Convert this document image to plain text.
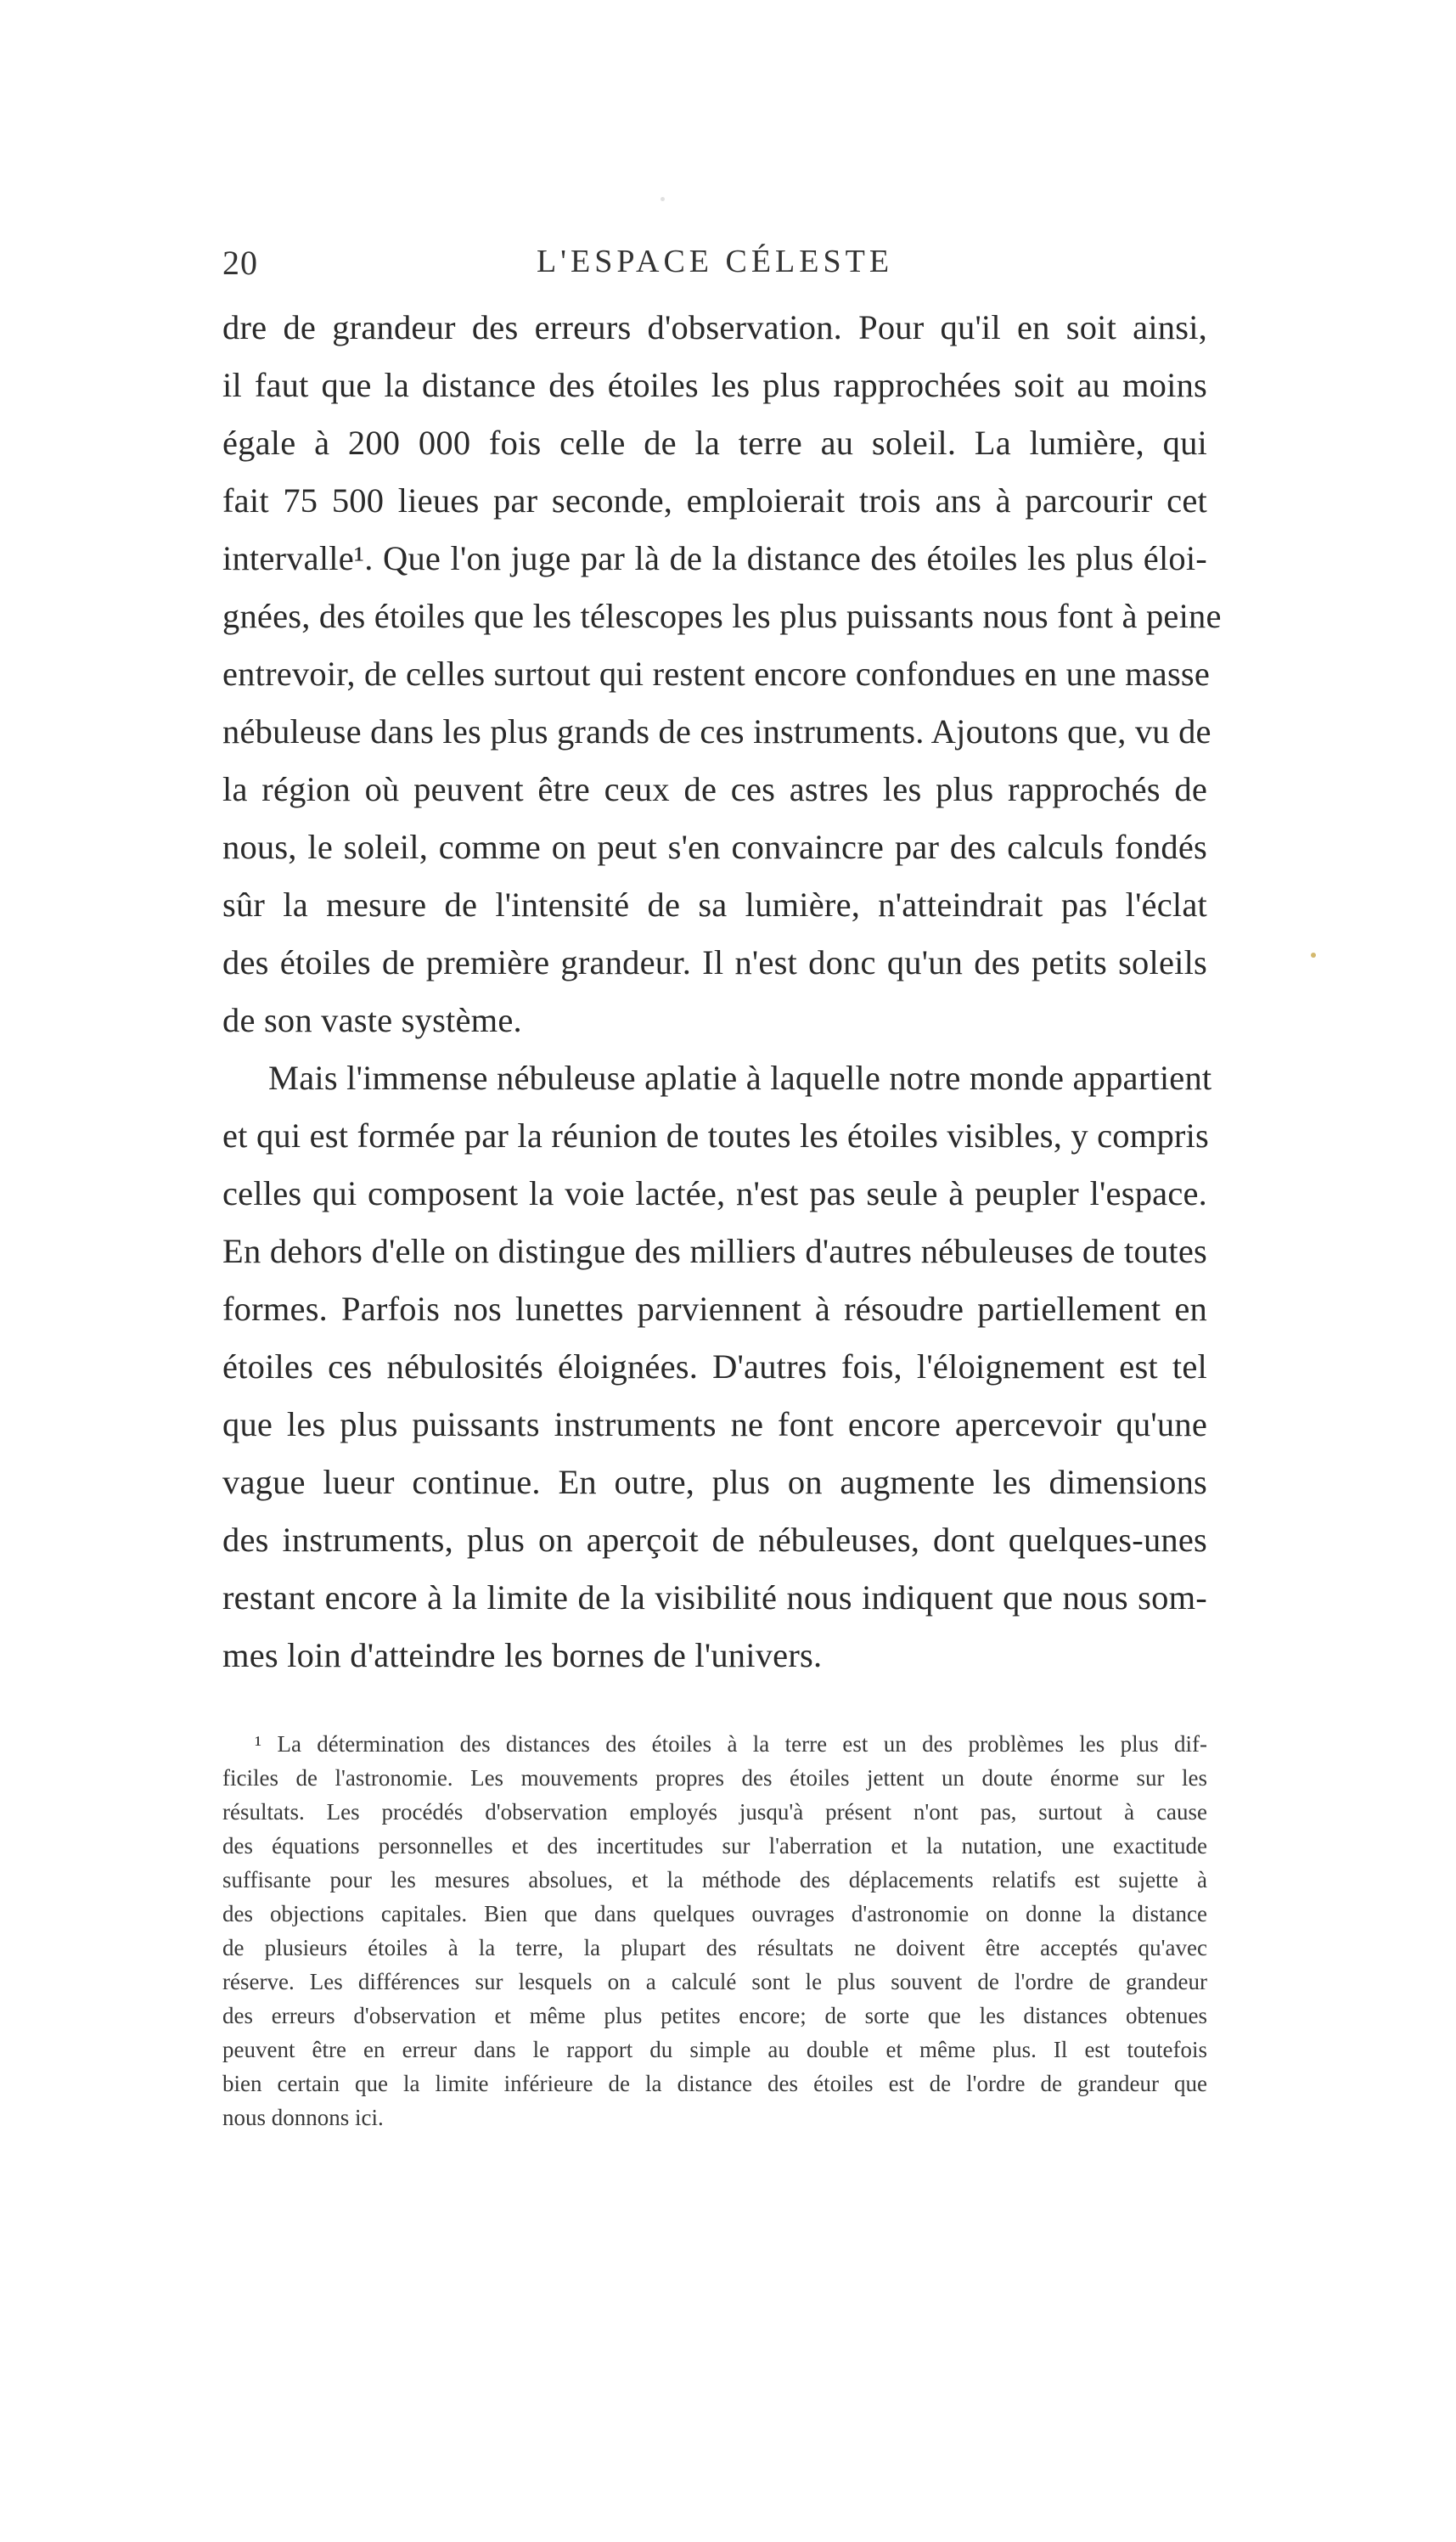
20	L'ESPACE CÉLESTE
dre de grandeur des erreurs d'observation. Pour qu'il en soit ainsi,
il faut que la distance des étoiles les plus rapprochées soit au moins
égale à 200 000 fois celle de la terre au soleil. La lumière, qui
fait 75 500 lieues par seconde, emploierait trois ans à parcourir cet
intervalle¹. Que l'on juge par là de la distance des étoiles les plus éloi-
gnées, des étoiles que les télescopes les plus puissants nous font à peine
entrevoir, de celles surtout qui restent encore confondues en une masse
nébuleuse dans les plus grands de ces instruments. Ajoutons que, vu de
la région où peuvent être ceux de ces astres les plus rapprochés de
nous, le soleil, comme on peut s'en convaincre par des calculs fondés
sûr la mesure de l'intensité de sa lumière, n'atteindrait pas l'éclat
des étoiles de première grandeur. Il n'est donc qu'un des petits soleils
de son vaste système.
Mais l'immense nébuleuse aplatie à laquelle notre monde appartient
et qui est formée par la réunion de toutes les étoiles visibles, y compris
celles qui composent la voie lactée, n'est pas seule à peupler l'espace.
En dehors d'elle on distingue des milliers d'autres nébuleuses de toutes
formes. Parfois nos lunettes parviennent à résoudre partiellement en
étoiles ces nébulosités éloignées. D'autres fois, l'éloignement est tel
que les plus puissants instruments ne font encore apercevoir qu'une
vague lueur continue. En outre, plus on augmente les dimensions
des instruments, plus on aperçoit de nébuleuses, dont quelques-unes
restant encore à la limite de la visibilité nous indiquent que nous som-
mes loin d'atteindre les bornes de l'univers.
¹ La détermination des distances des étoiles à la terre est un des problèmes les plus dif-
ficiles de l'astronomie. Les mouvements propres des étoiles jettent un doute énorme sur les
résultats. Les procédés d'observation employés jusqu'à présent n'ont pas, surtout à cause
des équations personnelles et des incertitudes sur l'aberration et la nutation, une exactitude
suffisante pour les mesures absolues, et la méthode des déplacements relatifs est sujette à
des objections capitales. Bien que dans quelques ouvrages d'astronomie on donne la distance
de plusieurs étoiles à la terre, la plupart des résultats ne doivent être acceptés qu'avec
réserve. Les différences sur lesquels on a calculé sont le plus souvent de l'ordre de grandeur
des erreurs d'observation et même plus petites encore; de sorte que les distances obtenues
peuvent être en erreur dans le rapport du simple au double et même plus. Il est toutefois
bien certain que la limite inférieure de la distance des étoiles est de l'ordre de grandeur que
nous donnons ici.
